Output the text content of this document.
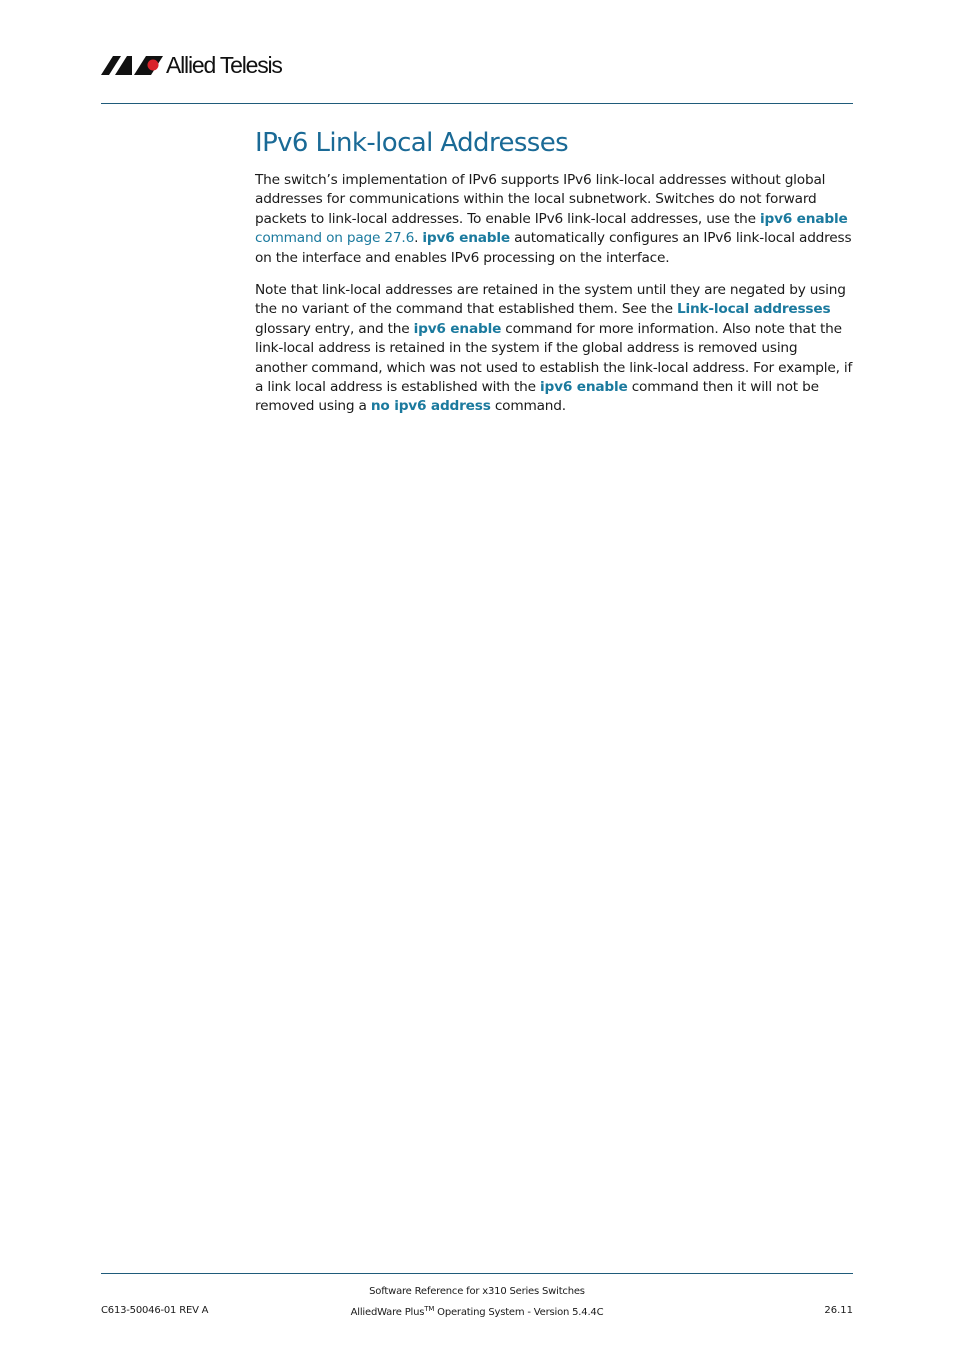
Allied Telesis
IPv6 Link-local Addresses

The switch’s implementation of IPv6 supports IPv6 link-local addresses without global addresses for communications within the local subnetwork. Switches do not forward packets to link-local addresses. To enable IPv6 link-local addresses, use the ipv6 enable command on page 27.6. ipv6 enable automatically configures an IPv6 link-local address on the interface and enables IPv6 processing on the interface.

Note that link-local addresses are retained in the system until they are negated by using the no variant of the command that established them. See the Link-local addresses glossary entry, and the ipv6 enable command for more information. Also note that the link-local address is retained in the system if the global address is removed using another command, which was not used to establish the link-local address. For example, if a link local address is established with the ipv6 enable command then it will not be removed using a no ipv6 address command.

Software Reference for x310 Series Switches
C613-50046-01 REV A	AlliedWare Plus™ Operating System - Version 5.4.4C	26.11
